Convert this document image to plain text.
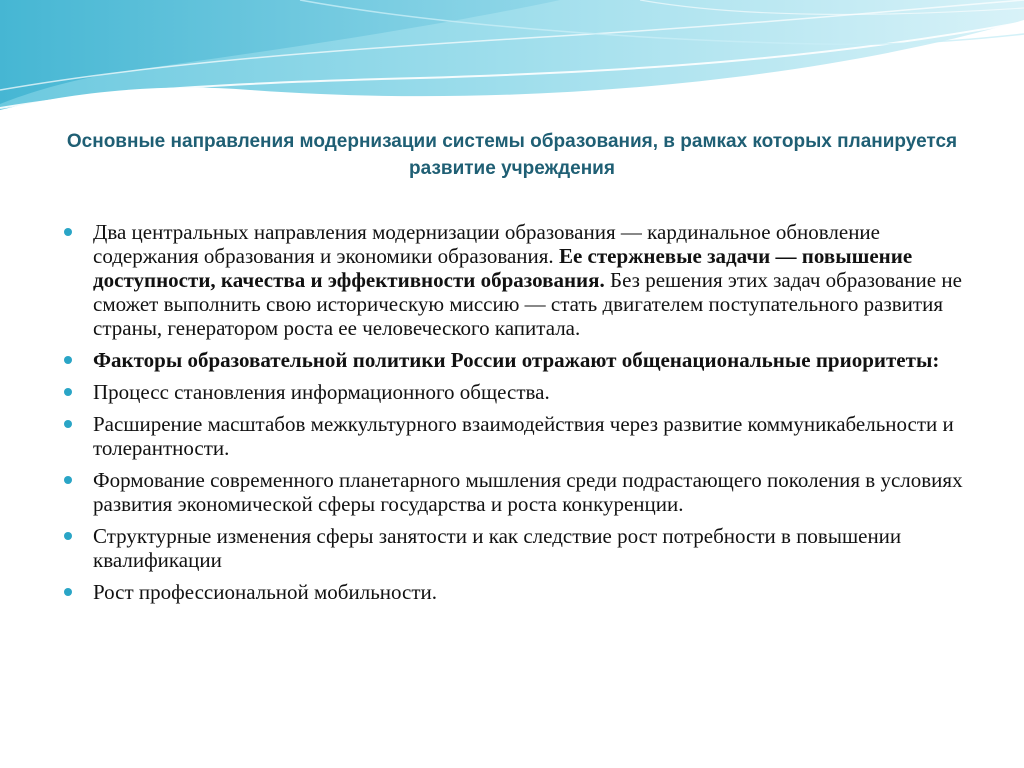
Основные направления модернизации системы образования, в рамках которых планируется развитие учреждения
Два центральных направления модернизации образования — кардинальное обновление содержания образования и экономики образования. Ее стержневые задачи — повышение доступности, качества и эффективности образования. Без решения этих задач образование не сможет выполнить свою историческую миссию — стать двигателем поступательного развития страны, генератором роста ее человеческого капитала.
Факторы образовательной политики России отражают общенациональные приоритеты:
Процесс становления информационного общества.
Расширение масштабов межкультурного взаимодействия через развитие коммуникабельности и толерантности.
Формование современного планетарного мышления среди подрастающего поколения в условиях развития экономической сферы государства и роста конкуренции.
Структурные изменения сферы занятости и как следствие рост потребности в повышении квалификации
Рост профессиональной мобильности.
